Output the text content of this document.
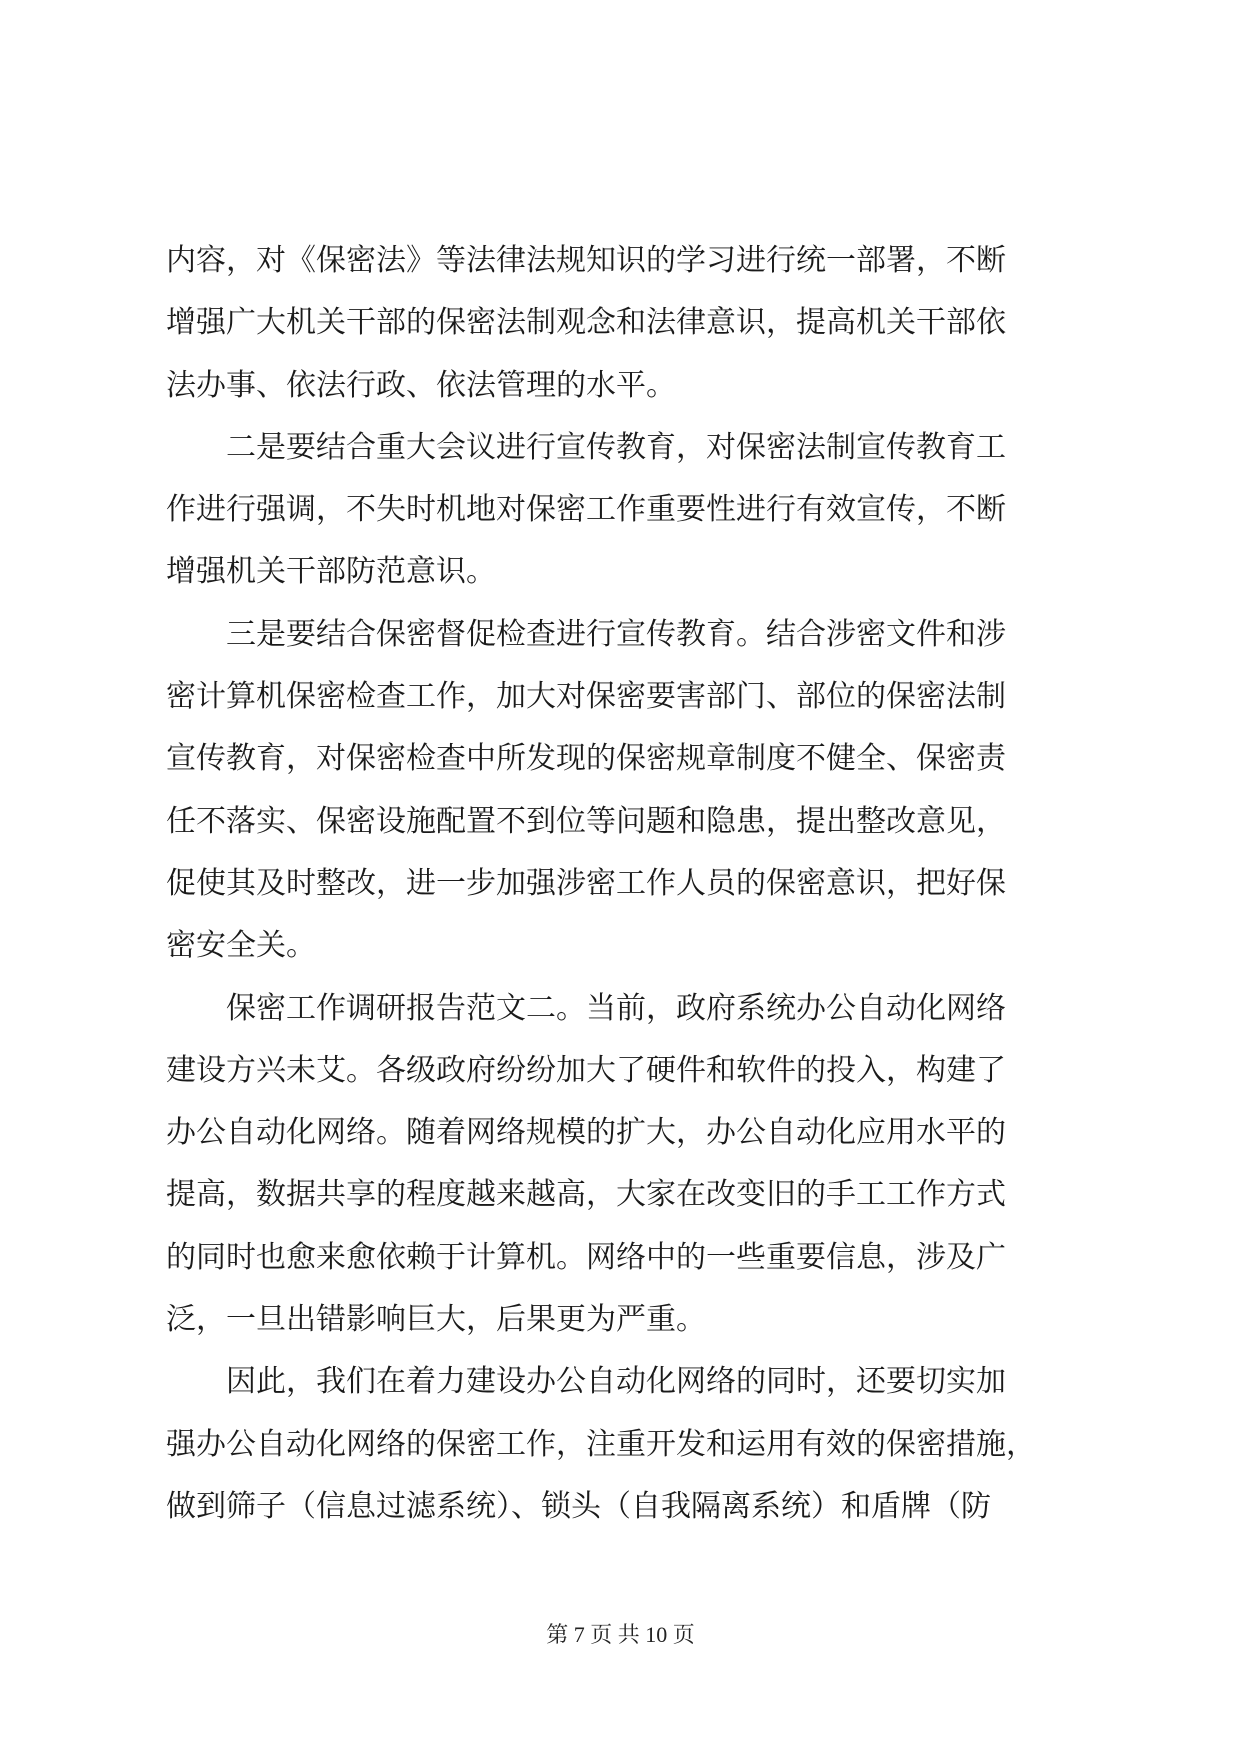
内容，对《保密法》等法律法规知识的学习进行统一部署，不断
增强广大机关干部的保密法制观念和法律意识，提高机关干部依
法办事、依法行政、依法管理的水平。
　　二是要结合重大会议进行宣传教育，对保密法制宣传教育工
作进行强调，不失时机地对保密工作重要性进行有效宣传，不断
增强机关干部防范意识。
　　三是要结合保密督促检查进行宣传教育。结合涉密文件和涉
密计算机保密检查工作，加大对保密要害部门、部位的保密法制
宣传教育，对保密检查中所发现的保密规章制度不健全、保密责
任不落实、保密设施配置不到位等问题和隐患，提出整改意见，
促使其及时整改，进一步加强涉密工作人员的保密意识，把好保
密安全关。
　　保密工作调研报告范文二。当前，政府系统办公自动化网络
建设方兴未艾。各级政府纷纷加大了硬件和软件的投入，构建了
办公自动化网络。随着网络规模的扩大，办公自动化应用水平的
提高，数据共享的程度越来越高，大家在改变旧的手工工作方式
的同时也愈来愈依赖于计算机。网络中的一些重要信息，涉及广
泛，一旦出错影响巨大，后果更为严重。
　　因此，我们在着力建设办公自动化网络的同时，还要切实加
强办公自动化网络的保密工作，注重开发和运用有效的保密措施，
做到筛子（信息过滤系统）、锁头（自我隔离系统）和盾牌（防
第 7 页 共 10 页
